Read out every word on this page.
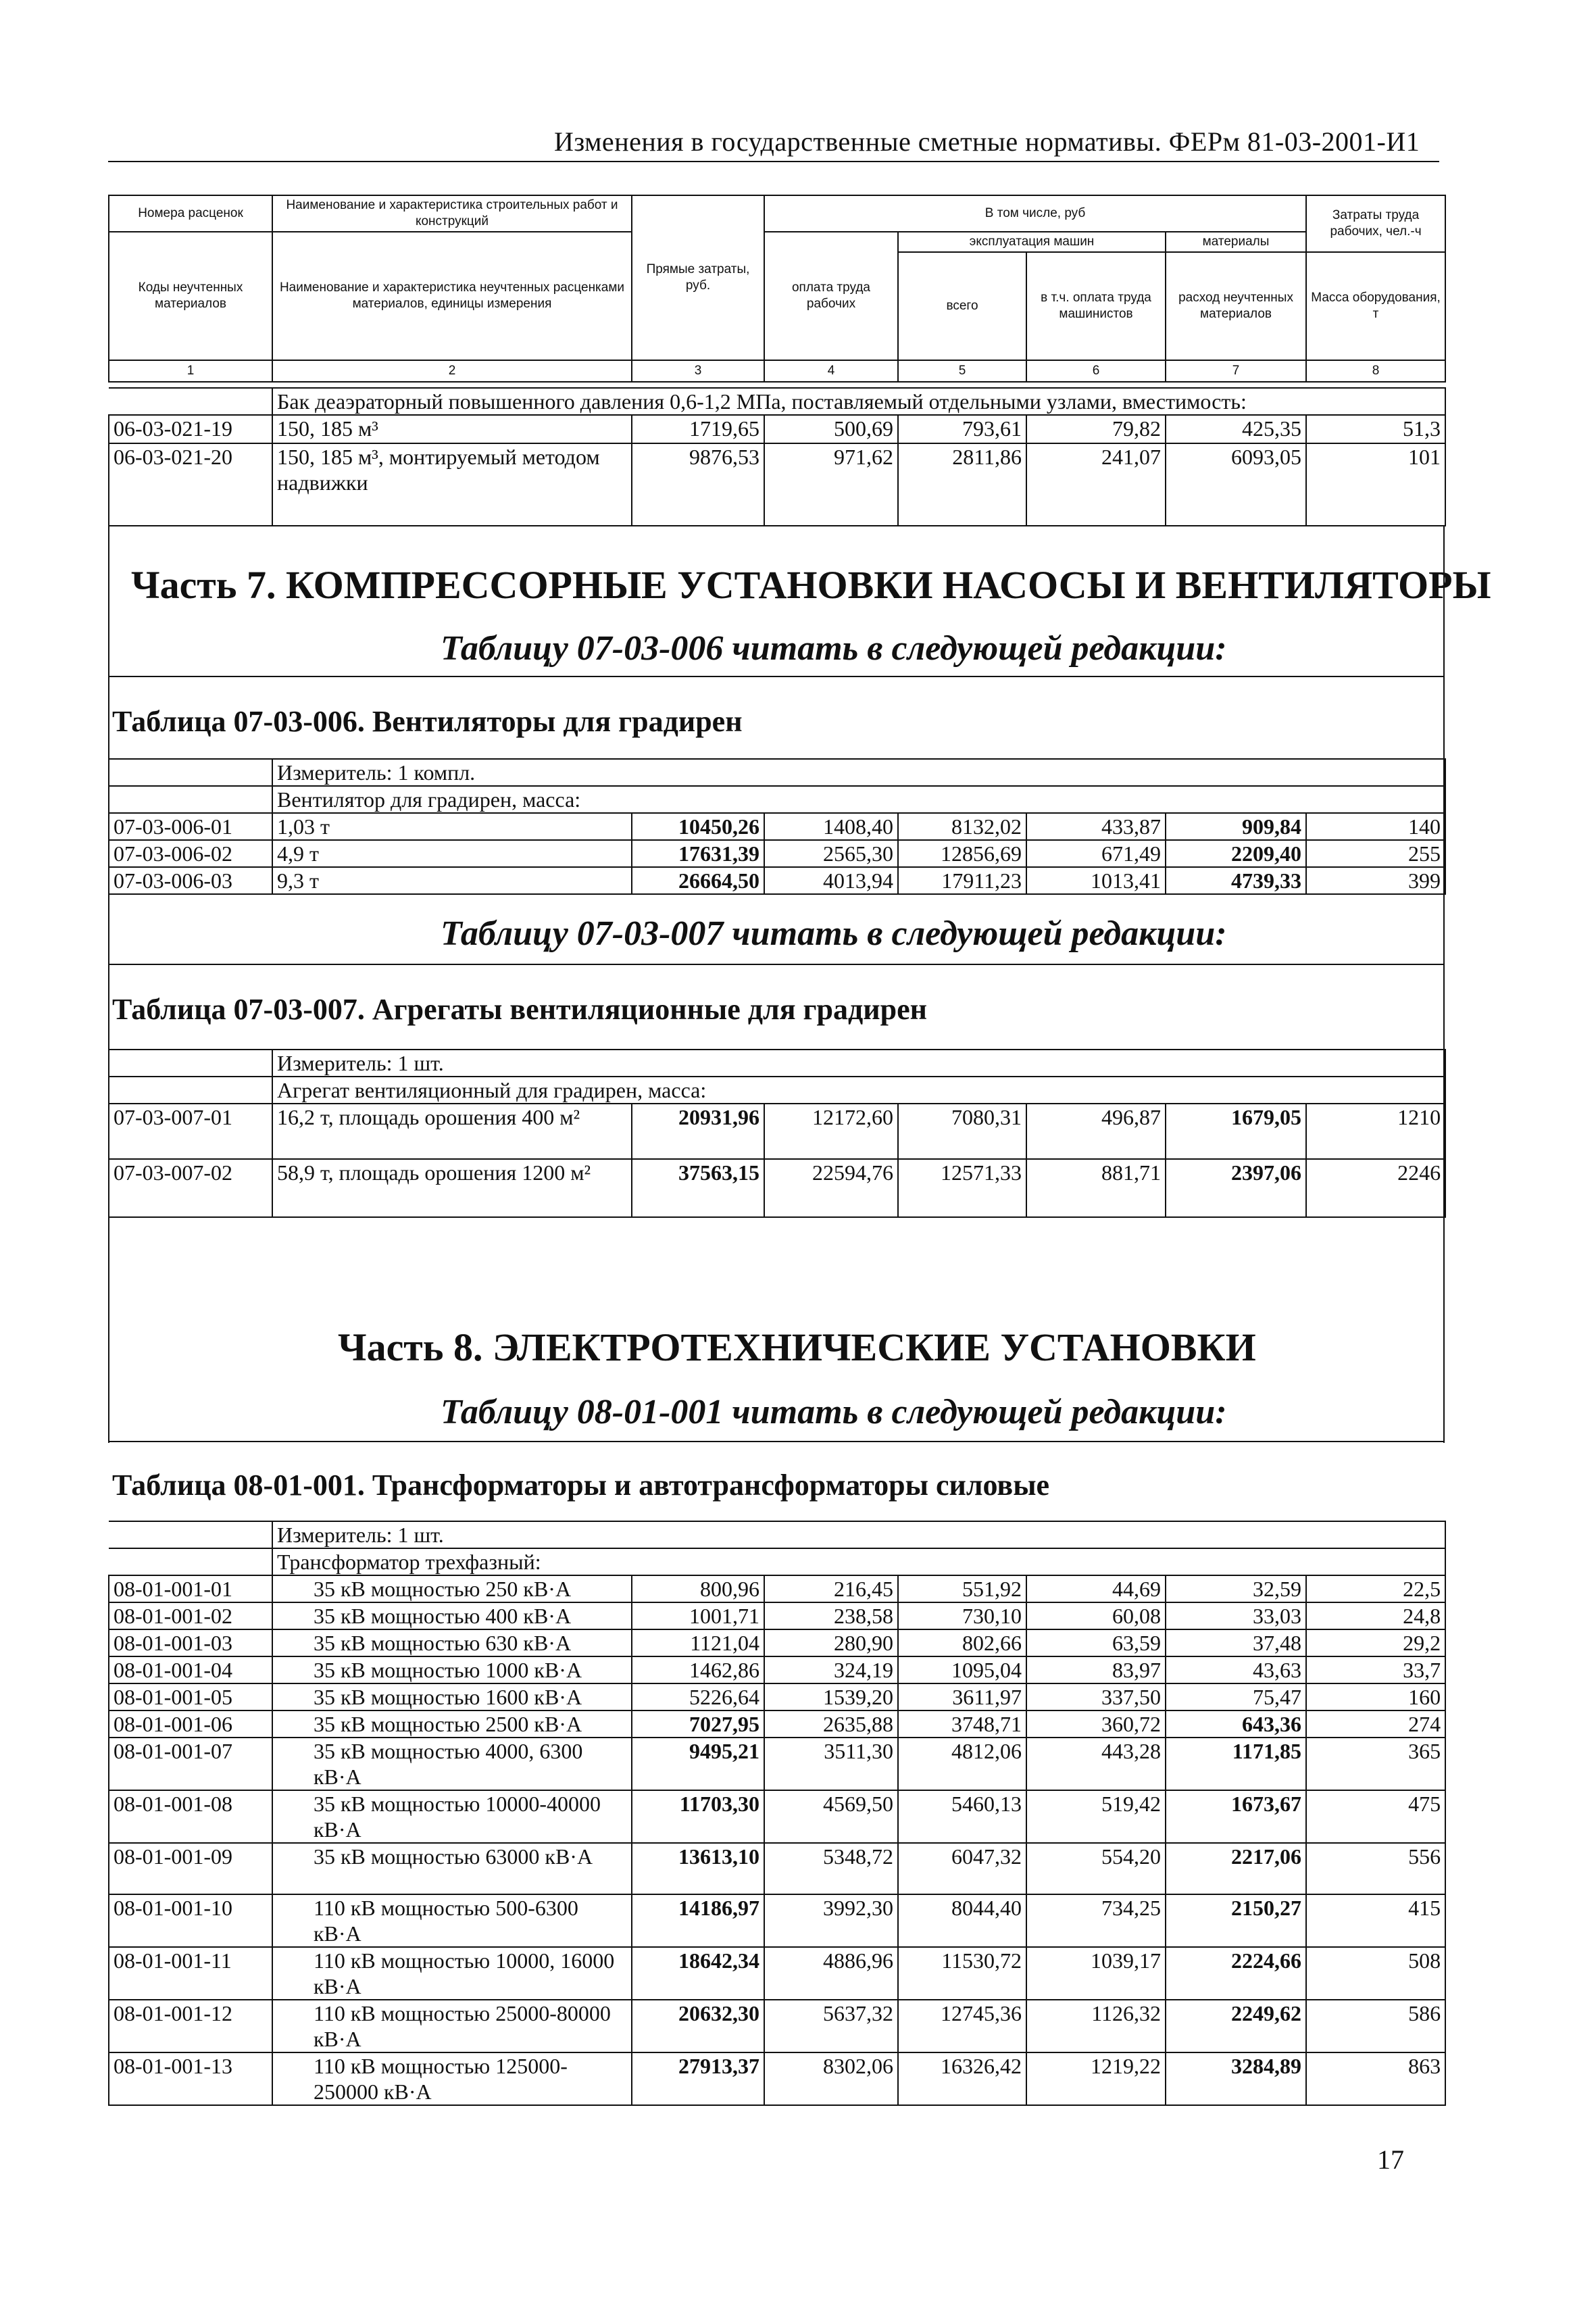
Изменения в государственные сметные нормативы. ФЕРм 81-03-2001-И1
Номера расценок	Наименование и характеристика строительных работ и конструкций	Прямые затраты, руб.	В том числе, руб				Затраты труда рабочих, чел.-ч
Коды неучтенных материалов	Наименование и характеристика неучтенных расценками материалов, единицы измерения		оплата труда рабочих	эксплуатация машин		материалы	
				всего	в т.ч. оплата труда машинистов	расход неучтенных материалов	Масса оборудования, т
1	2	3	4	5	6	7	8
	Бак деаэраторный повышенного давления 0,6-1,2 МПа, поставляемый отдельными узлами, вместимость:						
06-03-021-19	150, 185 м³	1719,65	500,69	793,61	79,82	425,35	51,3
06-03-021-20	150, 185 м³, монтируемый методом надвижки	9876,53	971,62	2811,86	241,07	6093,05	101
Часть 7. КОМПРЕССОРНЫЕ УСТАНОВКИ НАСОСЫ И ВЕНТИЛЯТОРЫ
Таблицу 07-03-006 читать в следующей редакции:
Таблица 07-03-006. Вентиляторы для градирен
	Измеритель: 1 компл.						
	Вентилятор для градирен, масса:						
07-03-006-01	1,03 т	10450,26	1408,40	8132,02	433,87	909,84	140
07-03-006-02	4,9 т	17631,39	2565,30	12856,69	671,49	2209,40	255
07-03-006-03	9,3 т	26664,50	4013,94	17911,23	1013,41	4739,33	399
Таблицу 07-03-007 читать в следующей редакции:
Таблица 07-03-007. Агрегаты вентиляционные для градирен
	Измеритель: 1 шт.						
	Агрегат вентиляционный для градирен, масса:						
07-03-007-01	16,2 т, площадь орошения 400 м²	20931,96	12172,60	7080,31	496,87	1679,05	1210
07-03-007-02	58,9 т, площадь орошения 1200 м²	37563,15	22594,76	12571,33	881,71	2397,06	2246
Часть 8. ЭЛЕКТРОТЕХНИЧЕСКИЕ УСТАНОВКИ
Таблицу 08-01-001 читать в следующей редакции:
Таблица 08-01-001. Трансформаторы и автотрансформаторы силовые
	Измеритель: 1 шт.						
	Трансформатор трехфазный:						
08-01-001-01	35 кВ мощностью 250 кВ·А	800,96	216,45	551,92	44,69	32,59	22,5
08-01-001-02	35 кВ мощностью 400 кВ·А	1001,71	238,58	730,10	60,08	33,03	24,8
08-01-001-03	35 кВ мощностью 630 кВ·А	1121,04	280,90	802,66	63,59	37,48	29,2
08-01-001-04	35 кВ мощностью 1000 кВ·А	1462,86	324,19	1095,04	83,97	43,63	33,7
08-01-001-05	35 кВ мощностью 1600 кВ·А	5226,64	1539,20	3611,97	337,50	75,47	160
08-01-001-06	35 кВ мощностью 2500 кВ·А	7027,95	2635,88	3748,71	360,72	643,36	274
08-01-001-07	35 кВ мощностью 4000, 6300 кВ·А	9495,21	3511,30	4812,06	443,28	1171,85	365
08-01-001-08	35 кВ мощностью 10000-40000 кВ·А	11703,30	4569,50	5460,13	519,42	1673,67	475
08-01-001-09	35 кВ мощностью 63000 кВ·А	13613,10	5348,72	6047,32	554,20	2217,06	556
08-01-001-10	110 кВ мощностью 500-6300 кВ·А	14186,97	3992,30	8044,40	734,25	2150,27	415
08-01-001-11	110 кВ мощностью 10000, 16000 кВ·А	18642,34	4886,96	11530,72	1039,17	2224,66	508
08-01-001-12	110 кВ мощностью 25000-80000 кВ·А	20632,30	5637,32	12745,36	1126,32	2249,62	586
08-01-001-13	110 кВ мощностью 125000-250000 кВ·А	27913,37	8302,06	16326,42	1219,22	3284,89	863
17
